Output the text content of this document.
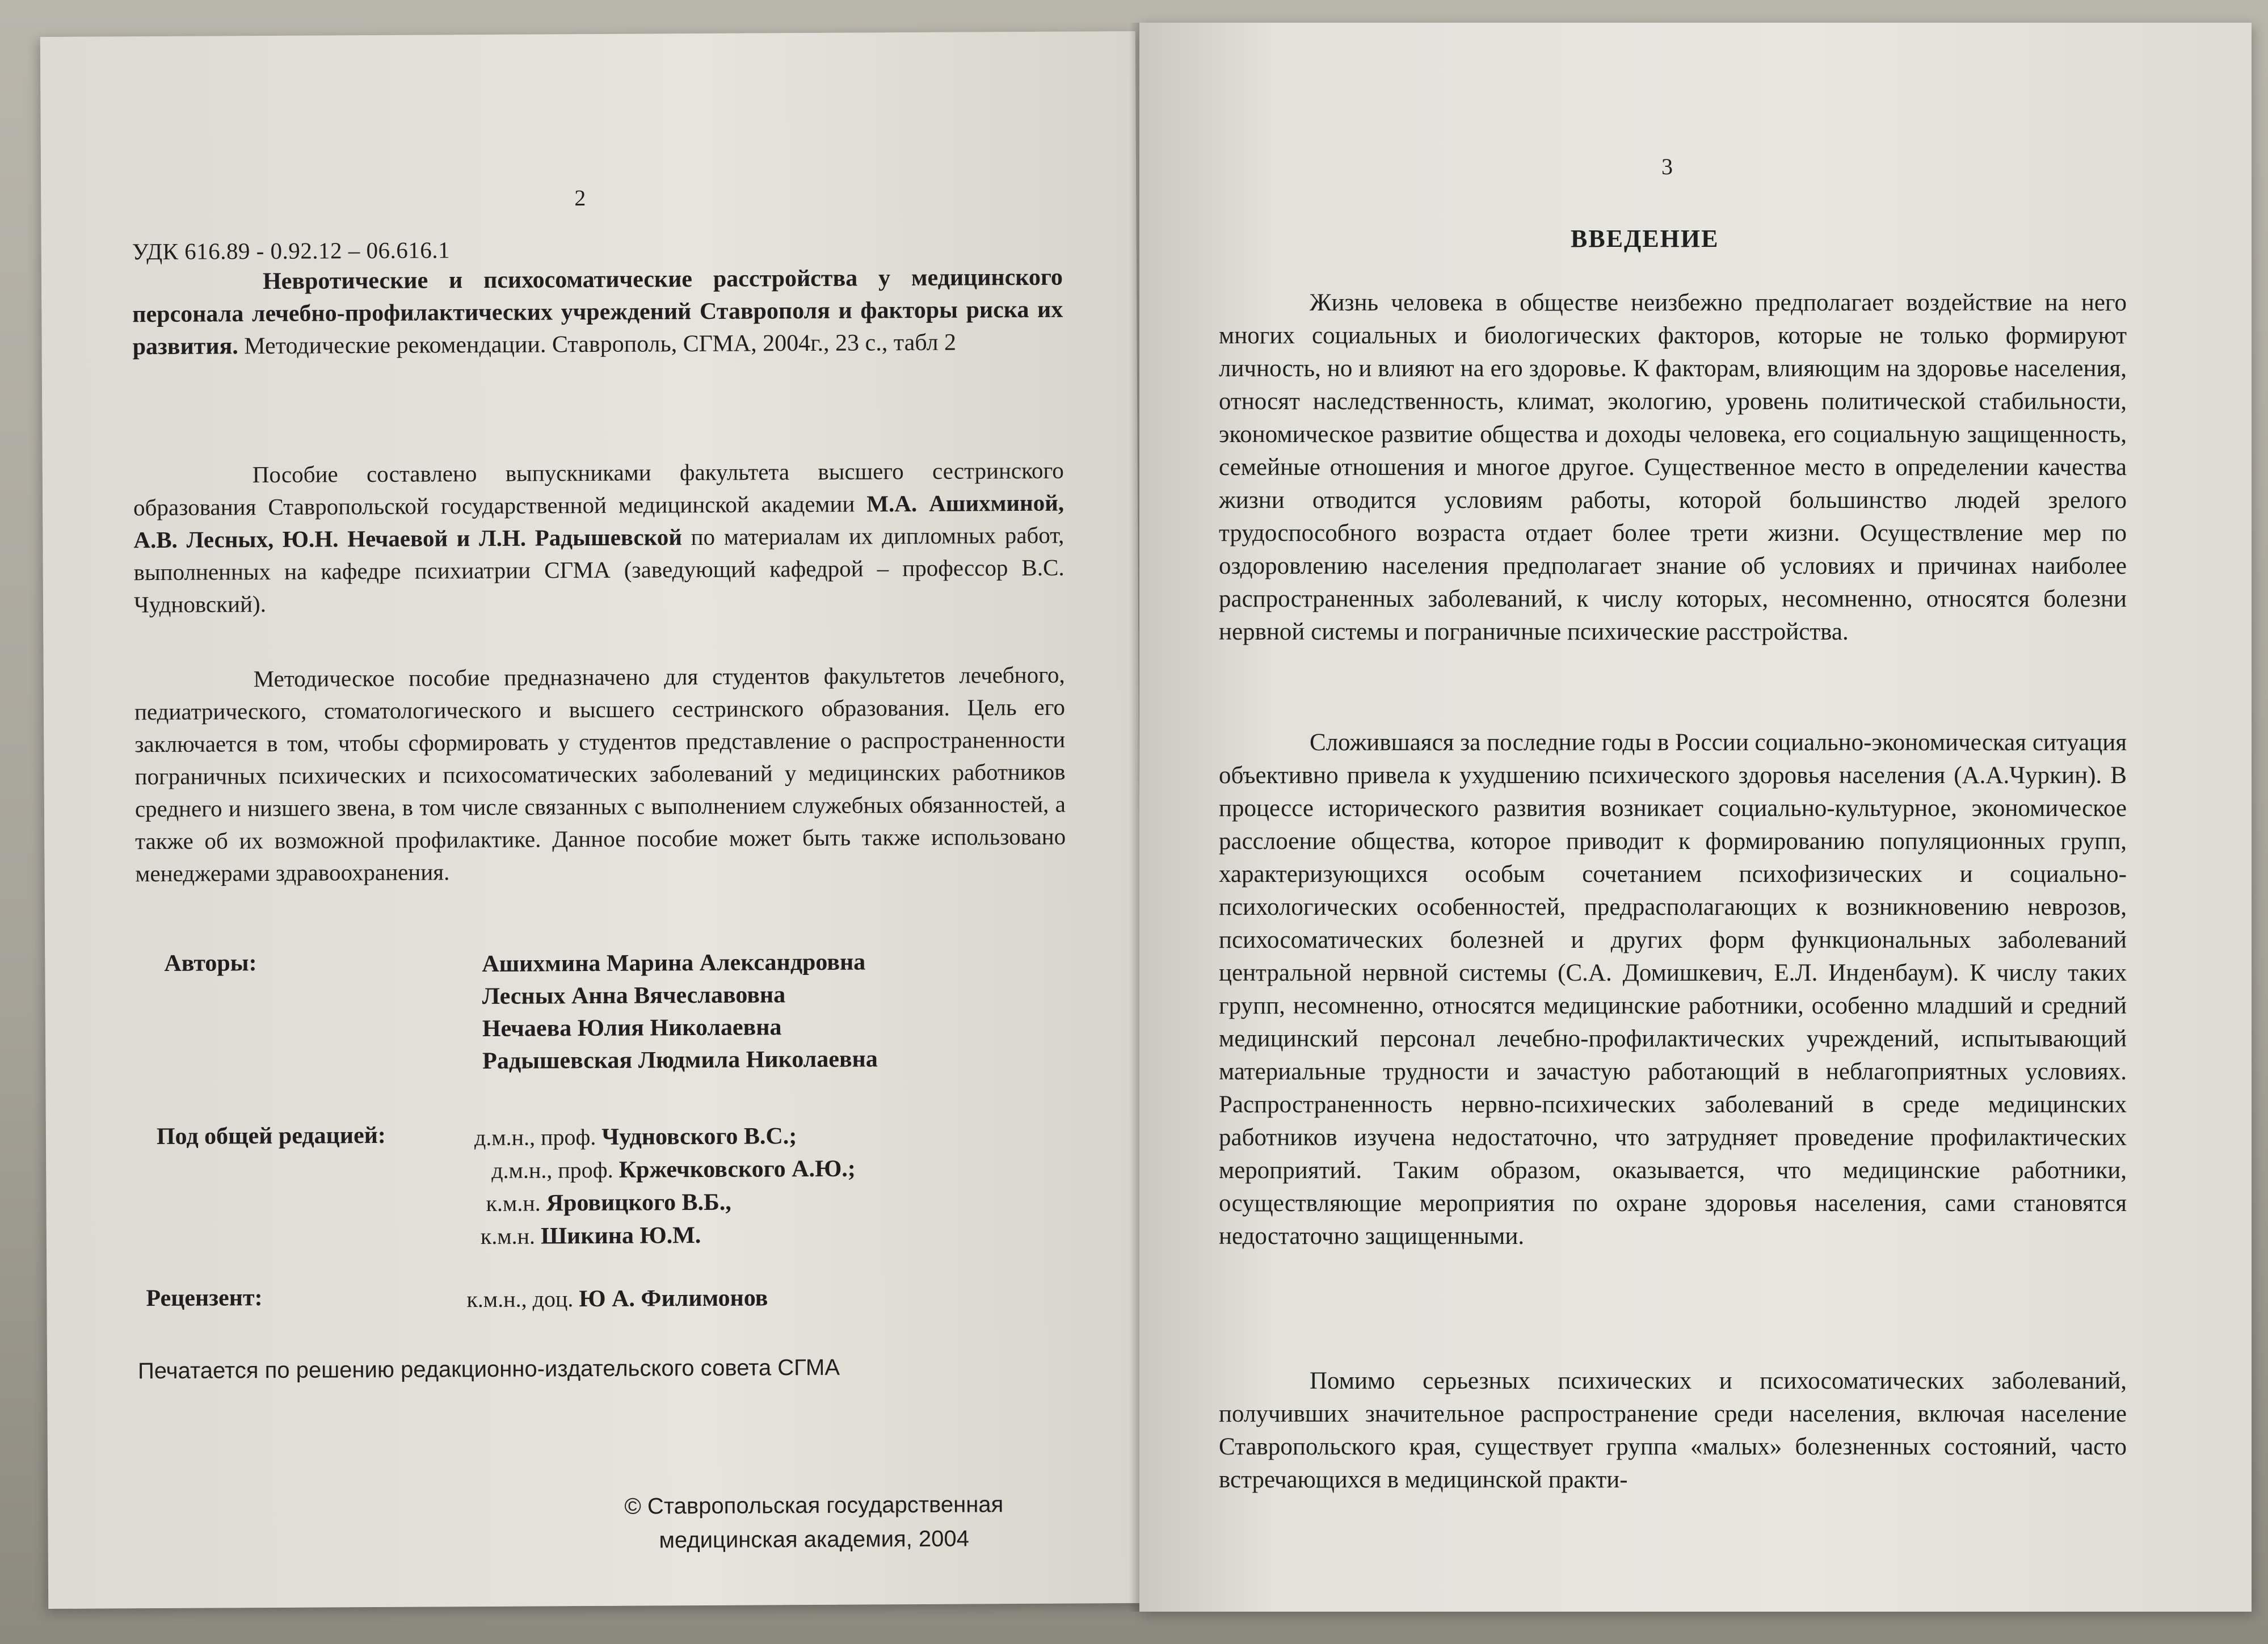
2
УДК 616.89 - 0.92.12 – 06.616.1
Невротические и психосоматические расстройства у медицинского персонала лечебно-профилактических учреждений Ставрополя и факторы риска их развития. Методические рекомендации. Ставрополь, СГМА, 2004г., 23 с., табл 2
Пособие составлено выпускниками факультета высшего сестринского образования Ставропольской государственной медицинской академии М.А. Ашихминой, А.В. Лесных, Ю.Н. Нечаевой и Л.Н. Радышевской по материалам их дипломных работ, выполненных на кафедре психиатрии СГМА (заведующий кафедрой – профессор В.С. Чудновский).
Методическое пособие предназначено для студентов факультетов лечебного, педиатрического, стоматологического и высшего сестринского образования. Цель его заключается в том, чтобы сформировать у студентов представление о распространенности пограничных психических и психосоматических заболеваний у медицинских работников среднего и низшего звена, в том числе связанных с выполнением служебных обязанностей, а также об их возможной профилактике. Данное пособие может быть также использовано менеджерами здравоохранения.
Авторы:	Ашихмина Марина Александровна
Лесных Анна Вячеславовна
Нечаева Юлия Николаевна
Радышевская Людмила Николаевна
Под общей редацией:	д.м.н., проф. Чудновского В.С.;
д.м.н., проф. Кржечковского А.Ю.;
к.м.н. Яровицкого В.Б.,
к.м.н. Шикина Ю.М.
Рецензент:	к.м.н., доц. Ю А. Филимонов
Печатается по решению редакционно-издательского совета СГМА
© Ставропольская государственная
медицинская академия, 2004
3
ВВЕДЕНИЕ
Жизнь человека в обществе неизбежно предполагает воздействие на него многих социальных и биологических факторов, которые не только формируют личность, но и влияют на его здоровье. К факторам, влияющим на здоровье населения, относят наследственность, климат, экологию, уровень политической стабильности, экономическое развитие общества и доходы человека, его социальную защищенность, семейные отношения и многое другое. Существенное место в определении качества жизни отводится условиям работы, которой большинство людей зрелого трудоспособного возраста отдает более трети жизни. Осуществление мер по оздоровлению населения предполагает знание об условиях и причинах наиболее распространенных заболеваний, к числу которых, несомненно, относятся болезни нервной системы и пограничные психические расстройства.
Сложившаяся за последние годы в России социально-экономическая ситуация объективно привела к ухудшению психического здоровья населения (А.А.Чуркин). В процессе исторического развития возникает социально-культурное, экономическое расслоение общества, которое приводит к формированию популяционных групп, характеризующихся особым сочетанием психофизических и социально-психологических особенностей, предрасполагающих к возникновению неврозов, психосоматических болезней и других форм функциональных заболеваний центральной нервной системы (С.А. Домишкевич, Е.Л. Инденбаум). К числу таких групп, несомненно, относятся медицинские работники, особенно младший и средний медицинский персонал лечебно-профилактических учреждений, испытывающий материальные трудности и зачастую работающий в неблагоприятных условиях. Распространенность нервно-психических заболеваний в среде медицинских работников изучена недостаточно, что затрудняет проведение профилактических мероприятий. Таким образом, оказывается, что медицинские работники, осуществляющие мероприятия по охране здоровья населения, сами становятся недостаточно защищенными.
Помимо серьезных психических и психосоматических заболеваний, получивших значительное распространение среди населения, включая население Ставропольского края, существует группа «малых» болезненных состояний, часто встречающихся в медицинской практи-
